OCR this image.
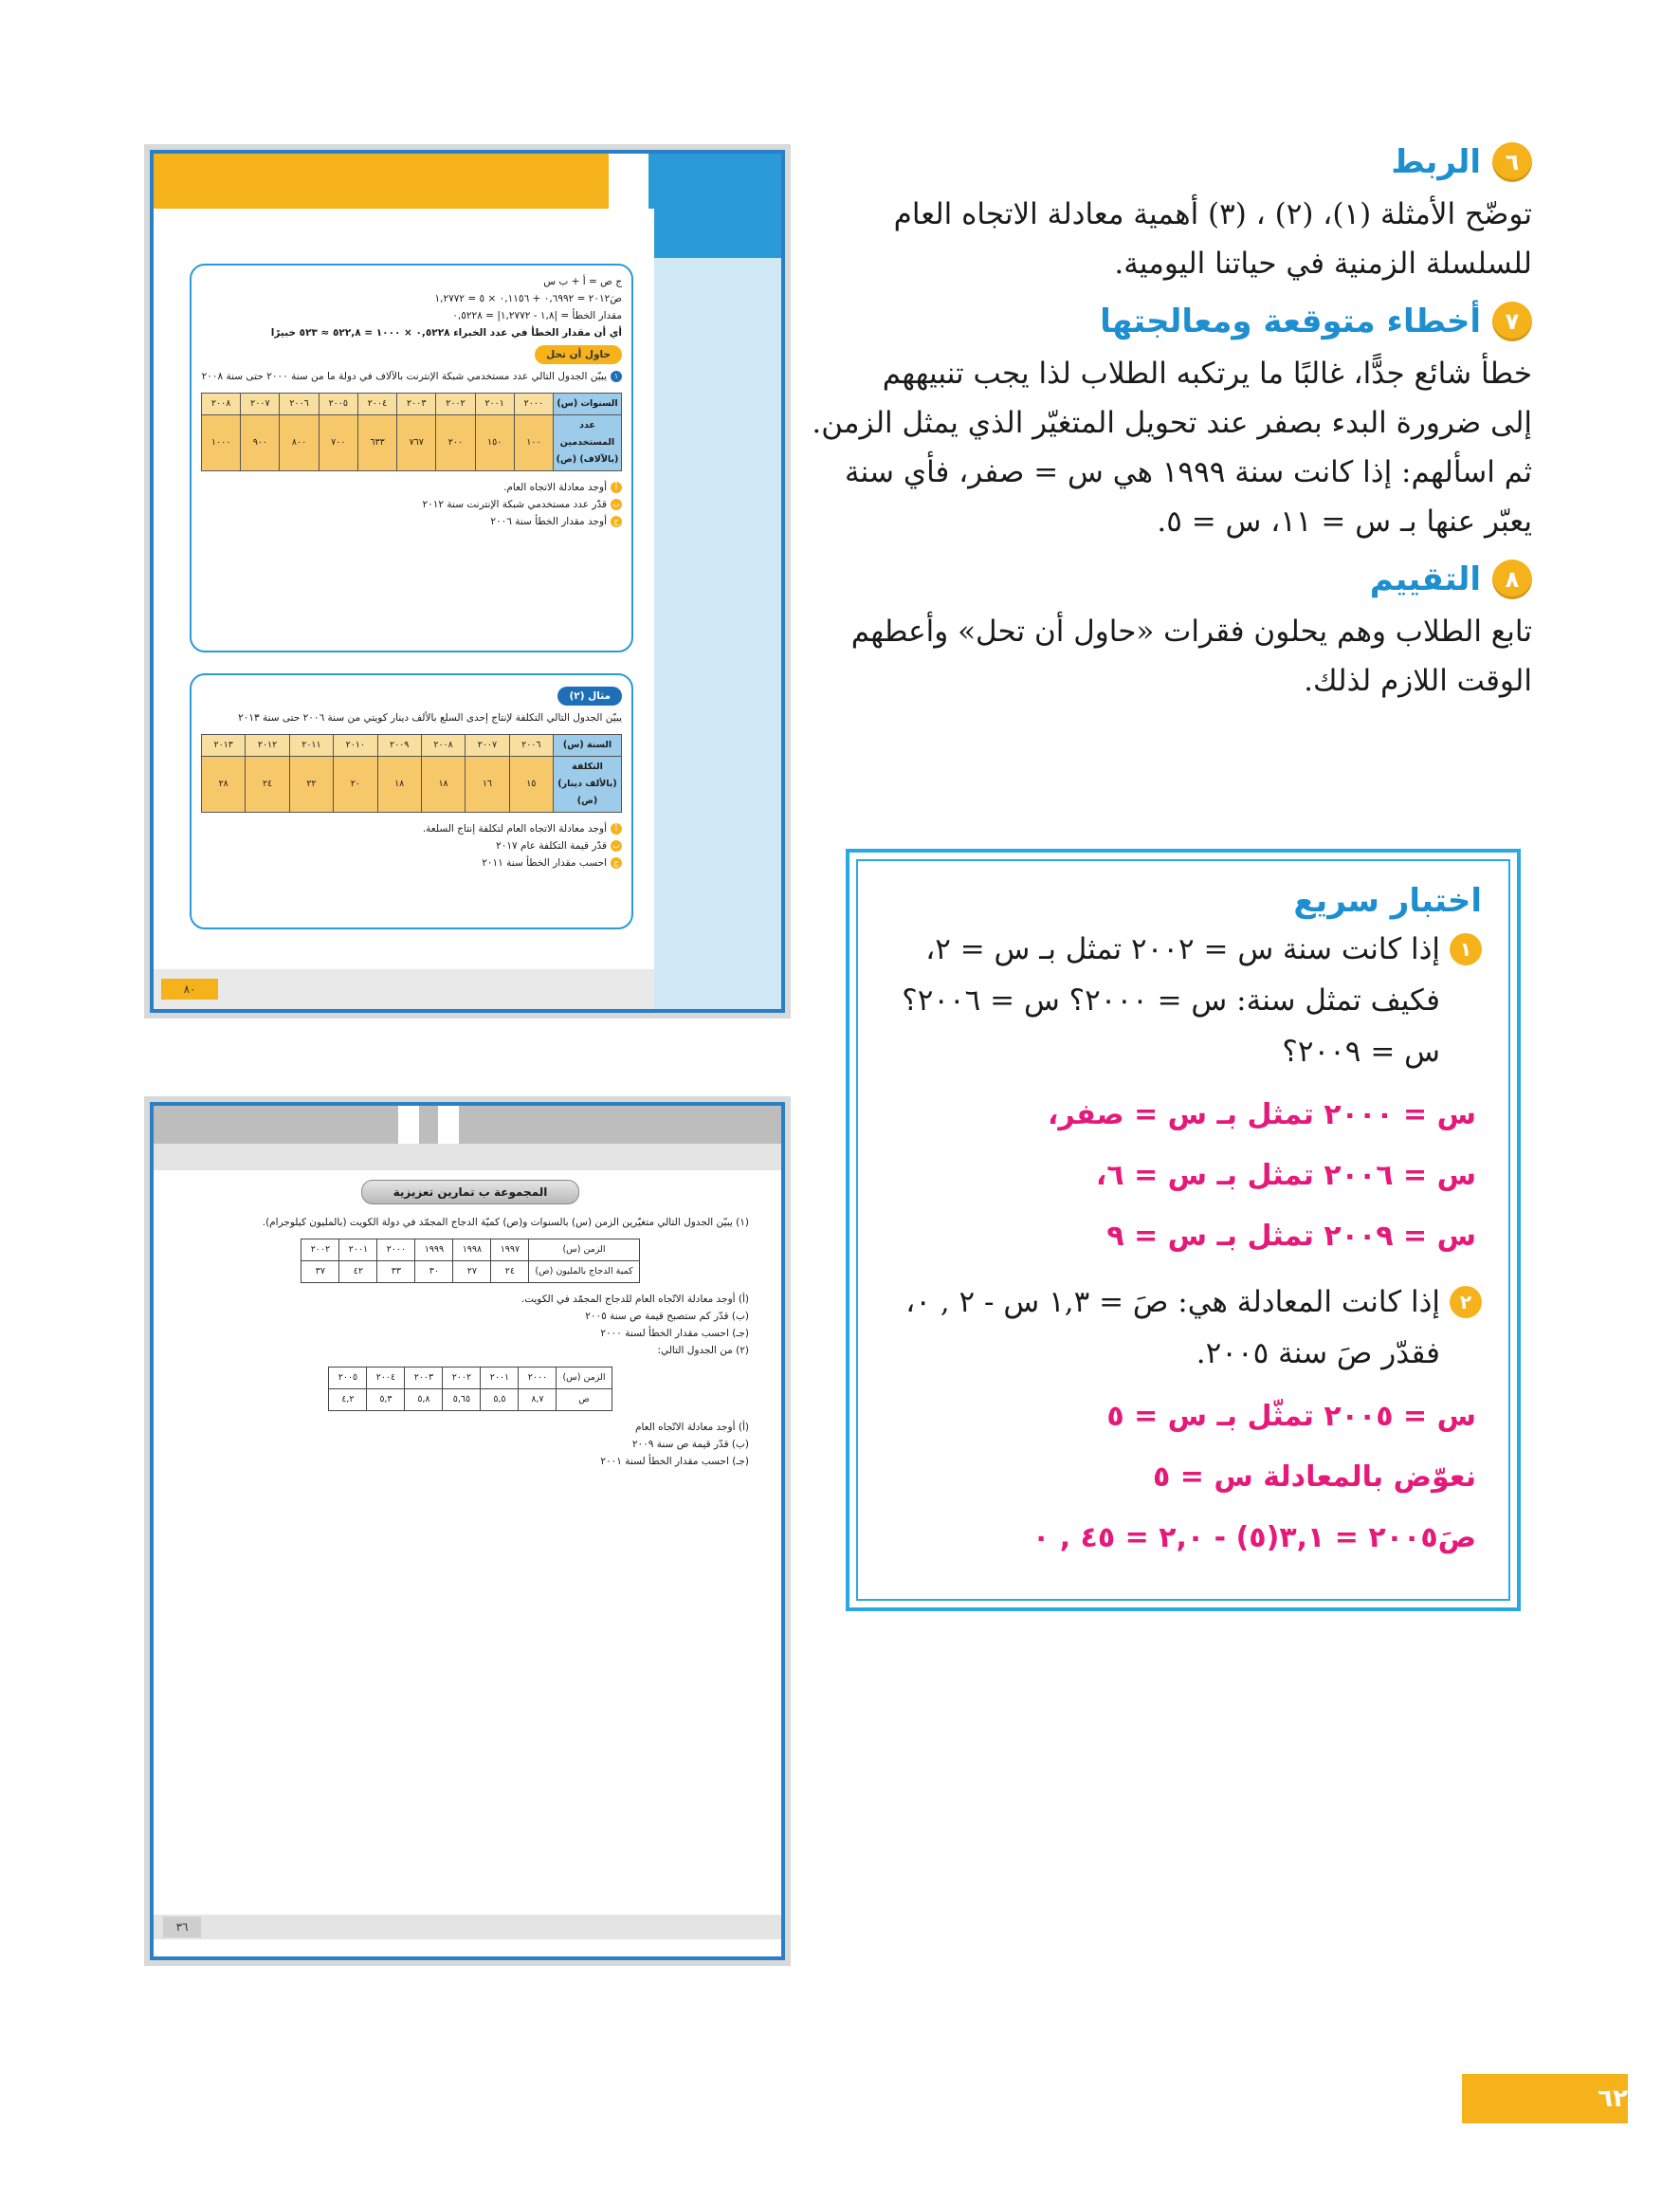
٦
الربط
توضّح الأمثلة (١)، (٢) ، (٣) أهمية معادلة الاتجاه العام
للسلسلة الزمنية في حياتنا اليومية.
٧
أخطاء متوقعة ومعالجتها
خطأ شائع جدًّا، غالبًا ما يرتكبه الطلاب لذا يجب تنبيههم
إلى ضرورة البدء بصفر عند تحويل المتغيّر الذي يمثل الزمن.
ثم اسألهم: إذا كانت سنة ١٩٩٩ هي س = صفر، فأي سنة
يعبّر عنها بـ س = ١١، س = ٥.
٨
التقييم
تابع الطلاب وهم يحلون فقرات «حاول أن تحل» وأعطهم
الوقت اللازم لذلك.
اختبار سريع
١
إذا كانت سنة س = ٢٠٠٢ تمثل بـ س = ٢،
فكيف تمثل سنة: س = ٢٠٠٠؟ س = ٢٠٠٦؟
س = ٢٠٠٩؟
س = ٢٠٠٠ تمثل بـ س = صفر،
س = ٢٠٠٦ تمثل بـ س = ٦،
س = ٢٠٠٩ تمثل بـ س = ٩
٢
إذا كانت المعادلة هي: صَ = ١,٣ س - ٢ , ٠،
فقدّر صَ سنة ٢٠٠٥.
س = ٢٠٠٥ تمثّل بـ س = ٥
نعوّض بالمعادلة س = ٥
صَ٢٠٠٥ = ٣,١(٥) - ٢,٠ = ٤٥ , ٠
ج ص = أ + ب س
صَ٢٠١٢ = ٠,٦٩٩٢ + ٠,١١٥٦ × ٥ = ١,٢٧٧٢
مقدار الخطأ = |١,٨ - ١,٢٧٧٢| = ٠,٥٢٢٨
أي أن مقدار الخطأ في عدد الخبراء ٠,٥٢٢٨ × ١٠٠٠ = ٥٢٢,٨ ≈ ٥٢٣ خبيرًا
حاول أن تحل
١يبيّن الجدول التالي عدد مستخدمي شبكة الإنترنت بالآلاف في دولة ما من سنة ٢٠٠٠ حتى سنة ٢٠٠٨
السنوات (س)	٢٠٠٠	٢٠٠١	٢٠٠٢	٢٠٠٣	٢٠٠٤	٢٠٠٥	٢٠٠٦	٢٠٠٧	٢٠٠٨
عدد المستخدمين (بالآلاف) (ص)	١٠٠	١٥٠	٢٠٠	٧٦٧	٦٣٣	٧٠٠	٨٠٠	٩٠٠	١٠٠٠
أأوجد معادلة الاتجاه العام.
بقدّر عدد مستخدمي شبكة الإنترنت سنة ٢٠١٢
جأوجد مقدار الخطأ سنة ٢٠٠٦
مثال (٢)
يبيّن الجدول التالي التكلفة لإنتاج إحدى السلع بالألف دينار كويتي من سنة ٢٠٠٦ حتى سنة ٢٠١٣
السنة (س)	٢٠٠٦	٢٠٠٧	٢٠٠٨	٢٠٠٩	٢٠١٠	٢٠١١	٢٠١٢	٢٠١٣
التكلفة (بالألف دينار) (ص)	١٥	١٦	١٨	١٨	٢٠	٢٢	٢٤	٢٨
أأوجد معادلة الاتجاه العام لتكلفة إنتاج السلعة.
بقدّر قيمة التكلفة عام ٢٠١٧
جاحسب مقدار الخطأ سنة ٢٠١١
٨٠
المجموعة ب تمارين تعزيزية
(١) يبيّن الجدول التالي متغيّرين الزمن (س) بالسنوات و(ص) كميّة الدجاج المجمّد في دولة الكويت (بالمليون كيلوجرام).
الزمن (س)	١٩٩٧	١٩٩٨	١٩٩٩	٢٠٠٠	٢٠٠١	٢٠٠٢
كمية الدجاج بالمليون (ص)	٢٤	٢٧	٣٠	٣٣	٤٢	٣٧
(أ) أوجد معادلة الاتّجاه العام للدجاج المجمّد في الكويت.
(ب) قدّر كم ستصبح قيمة ص سنة ٢٠٠٥
(جـ) احسب مقدار الخطأ لسنة ٢٠٠٠
(٢) من الجدول التالي:
الزمن (س)	٢٠٠٠	٢٠٠١	٢٠٠٢	٢٠٠٣	٢٠٠٤	٢٠٠٥
ص	٨,٧	٥,٥	٥,٦٥	٥,٨	٥,٣	٤,٢
(أ) أوجد معادلة الاتّجاه العام
(ب) قدّر قيمة ص سنة ٢٠٠٩
(جـ) احسب مقدار الخطأ لسنة ٢٠٠١
٣٦
٦٢
